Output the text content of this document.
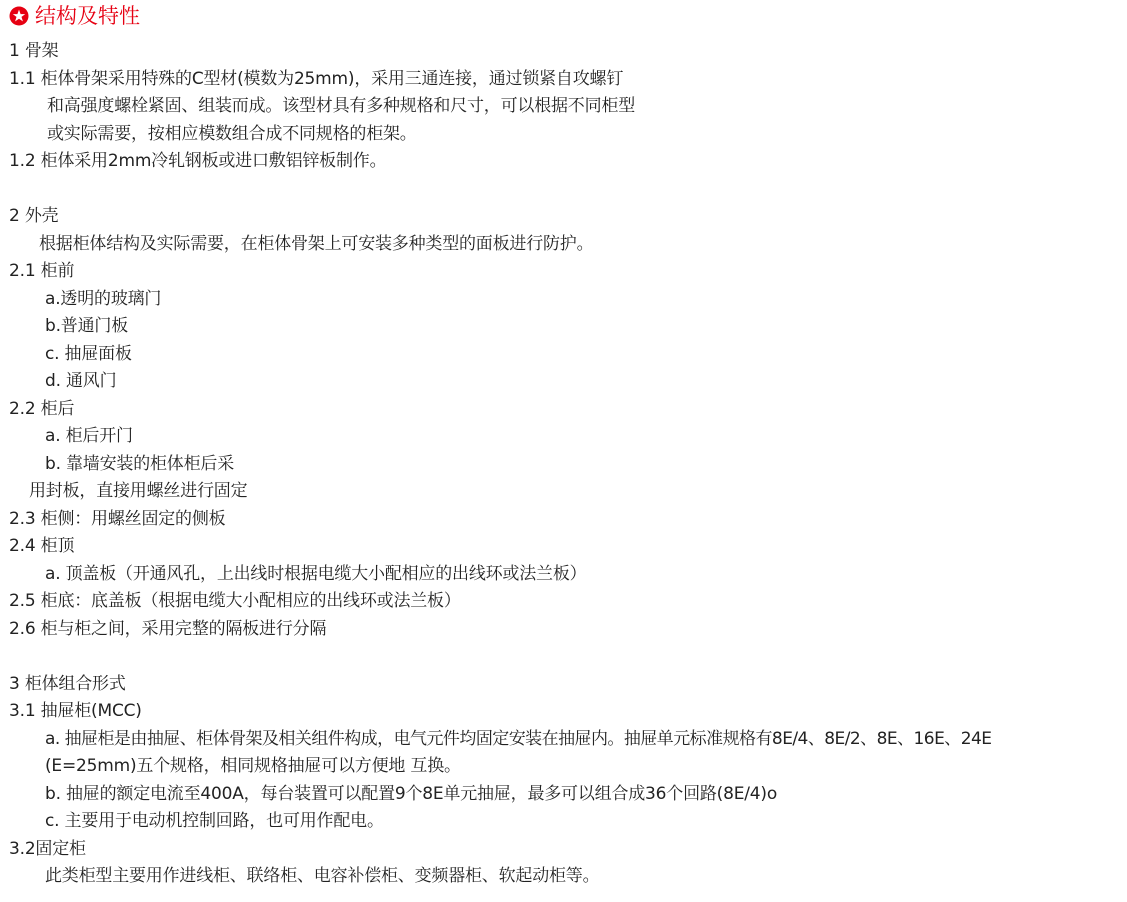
结构及特性
1 骨架
1.1 柜体骨架采用特殊的C型材(模数为25mm)，采用三通连接，通过锁紧自攻螺钉
和高强度螺栓紧固、组装而成。该型材具有多种规格和尺寸，可以根据不同柜型
或实际需要，按相应模数组合成不同规格的柜架。
1.2 柜体采用2mm冷轧钢板或进口敷铝锌板制作。
2 外壳
根据柜体结构及实际需要，在柜体骨架上可安装多种类型的面板进行防护。
2.1 柜前
a.透明的玻璃门
b.普通门板
c. 抽屉面板
d. 通风门
2.2 柜后
a. 柜后开门
b. 靠墙安装的柜体柜后采
用封板，直接用螺丝进行固定
2.3 柜侧：用螺丝固定的侧板
2.4 柜顶
a. 顶盖板（开通风孔，上出线时根据电缆大小配相应的出线环或法兰板）
2.5 柜底：底盖板（根据电缆大小配相应的出线环或法兰板）
2.6 柜与柜之间，采用完整的隔板进行分隔
3 柜体组合形式
3.1 抽屉柜(MCC)
a. 抽屉柜是由抽屉、柜体骨架及相关组件构成，电气元件均固定安装在抽屉内。抽屉单元标准规格有8E/4、8E/2、8E、16E、24E
(E=25mm)五个规格，相同规格抽屉可以方便地 互换。
b. 抽屉的额定电流至400A，每台装置可以配置9个8E单元抽屉，最多可以组合成36个回路(8E/4)o
c. 主要用于电动机控制回路，也可用作配电。
3.2固定柜
此类柜型主要用作进线柜、联络柜、电容补偿柜、变频器柜、软起动柜等。
